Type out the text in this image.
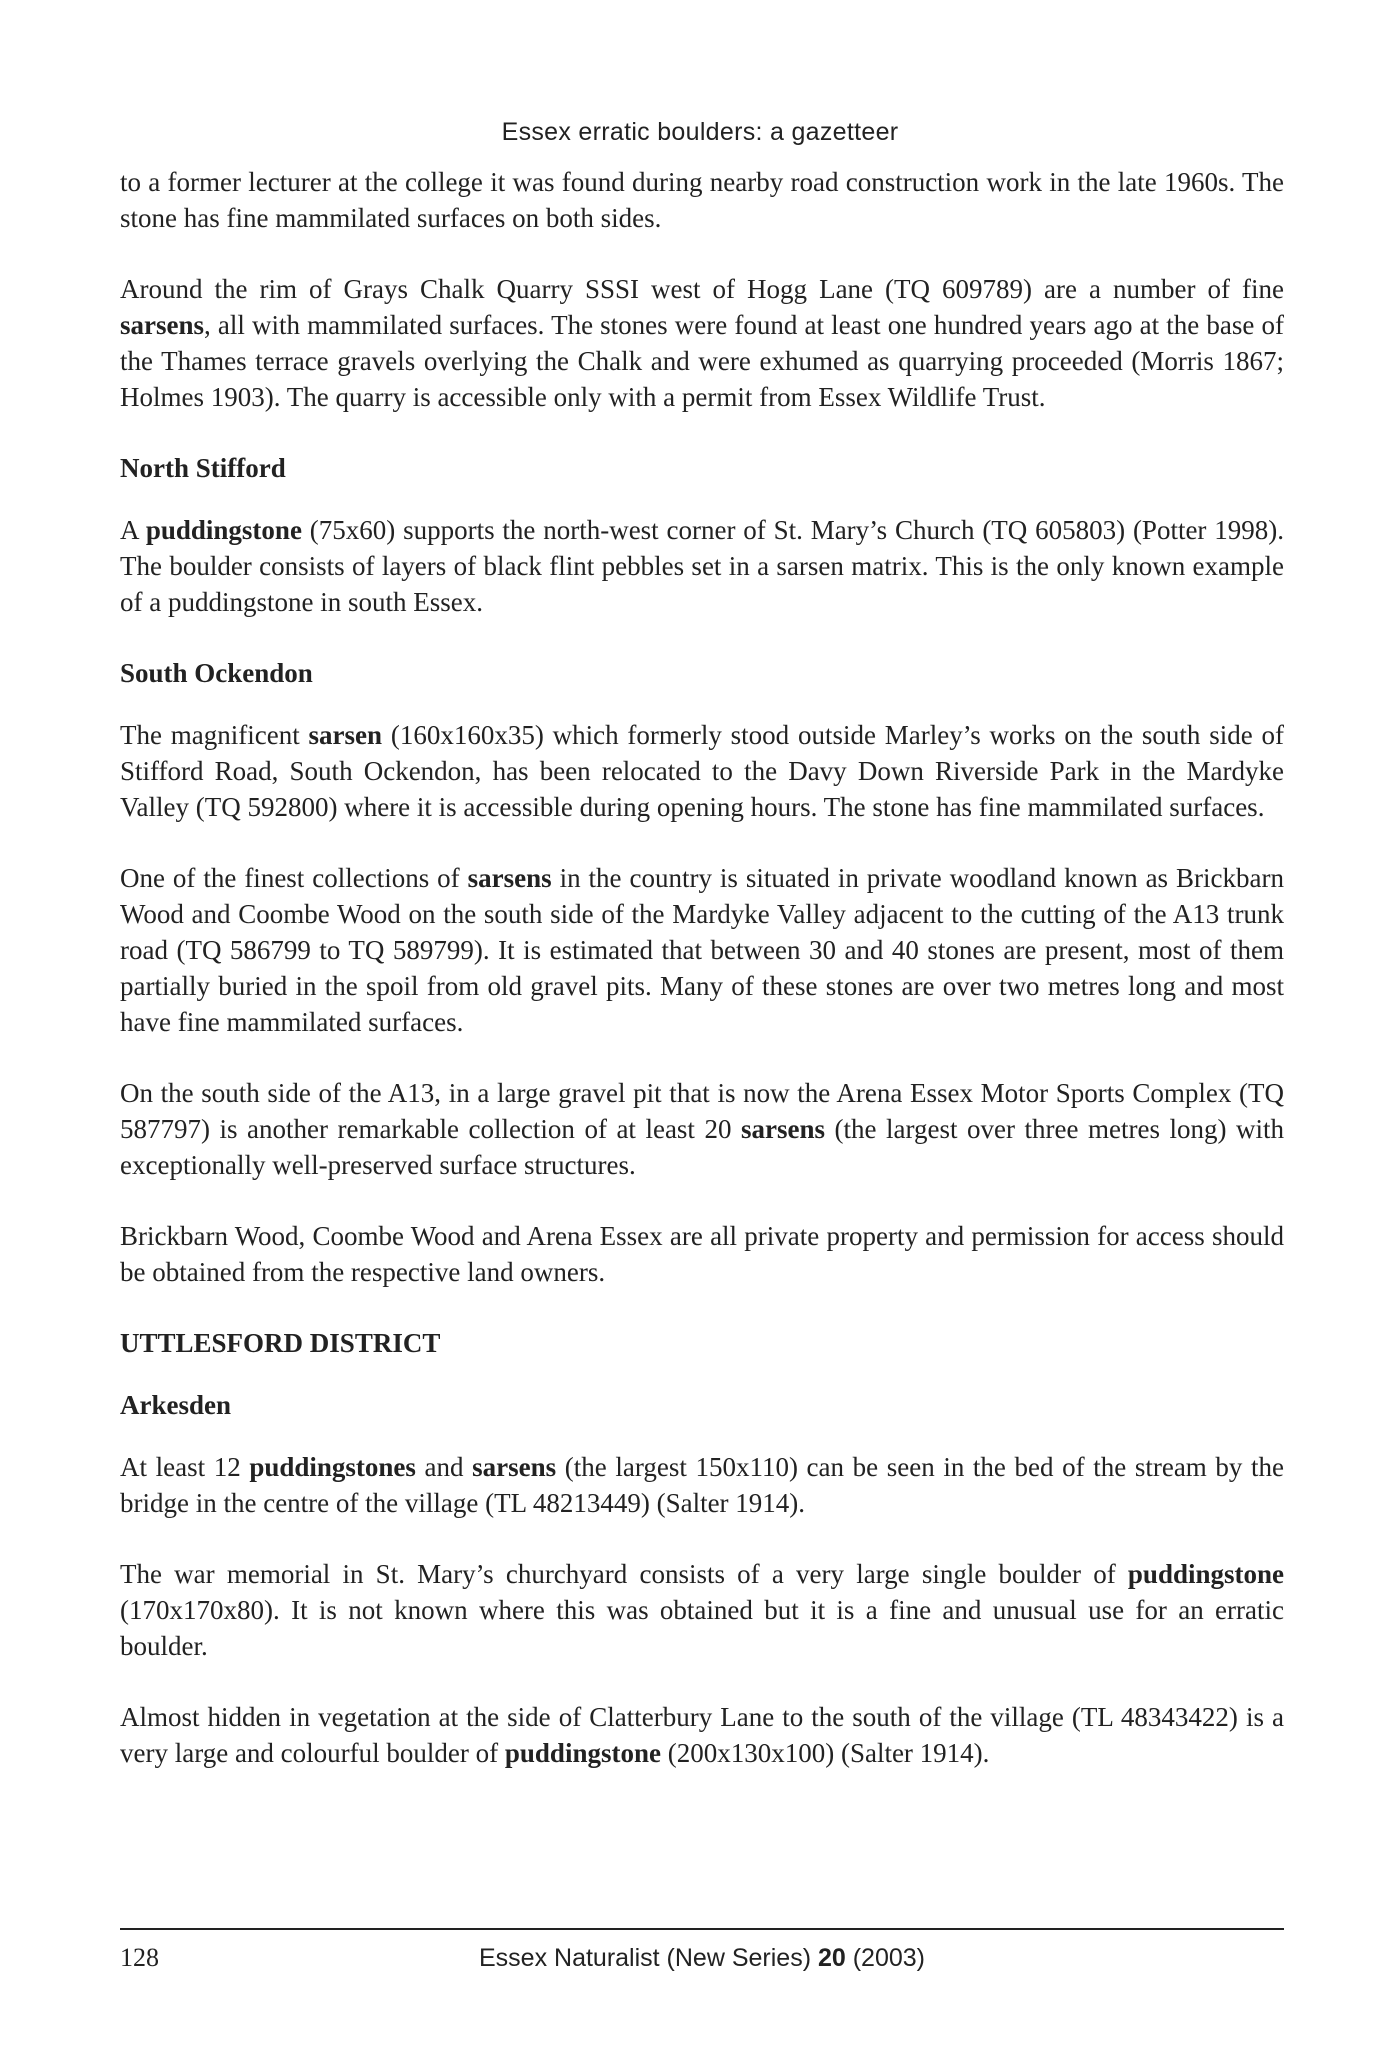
Essex erratic boulders: a gazetteer

to a former lecturer at the college it was found during nearby road construction work in the late 1960s. The stone has fine mammilated surfaces on both sides.

Around the rim of Grays Chalk Quarry SSSI west of Hogg Lane (TQ 609789) are a number of fine sarsens, all with mammilated surfaces. The stones were found at least one hundred years ago at the base of the Thames terrace gravels overlying the Chalk and were exhumed as quarrying proceeded (Morris 1867; Holmes 1903). The quarry is accessible only with a permit from Essex Wildlife Trust.

North Stifford

A puddingstone (75x60) supports the north-west corner of St. Mary’s Church (TQ 605803) (Potter 1998). The boulder consists of layers of black flint pebbles set in a sarsen matrix. This is the only known example of a puddingstone in south Essex.

South Ockendon

The magnificent sarsen (160x160x35) which formerly stood outside Marley’s works on the south side of Stifford Road, South Ockendon, has been relocated to the Davy Down Riverside Park in the Mardyke Valley (TQ 592800) where it is accessible during opening hours. The stone has fine mammilated surfaces.

One of the finest collections of sarsens in the country is situated in private woodland known as Brickbarn Wood and Coombe Wood on the south side of the Mardyke Valley adjacent to the cutting of the A13 trunk road (TQ 586799 to TQ 589799). It is estimated that between 30 and 40 stones are present, most of them partially buried in the spoil from old gravel pits. Many of these stones are over two metres long and most have fine mammilated surfaces.

On the south side of the A13, in a large gravel pit that is now the Arena Essex Motor Sports Complex (TQ 587797) is another remarkable collection of at least 20 sarsens (the largest over three metres long) with exceptionally well-preserved surface structures.

Brickbarn Wood, Coombe Wood and Arena Essex are all private property and permission for access should be obtained from the respective land owners.

UTTLESFORD DISTRICT
Arkesden

At least 12 puddingstones and sarsens (the largest 150x110) can be seen in the bed of the stream by the bridge in the centre of the village (TL 48213449) (Salter 1914).

The war memorial in St. Mary’s churchyard consists of a very large single boulder of puddingstone (170x170x80). It is not known where this was obtained but it is a fine and unusual use for an erratic boulder.

Almost hidden in vegetation at the side of Clatterbury Lane to the south of the village (TL 48343422) is a very large and colourful boulder of puddingstone (200x130x100) (Salter 1914).

128	Essex Naturalist (New Series) 20 (2003)
